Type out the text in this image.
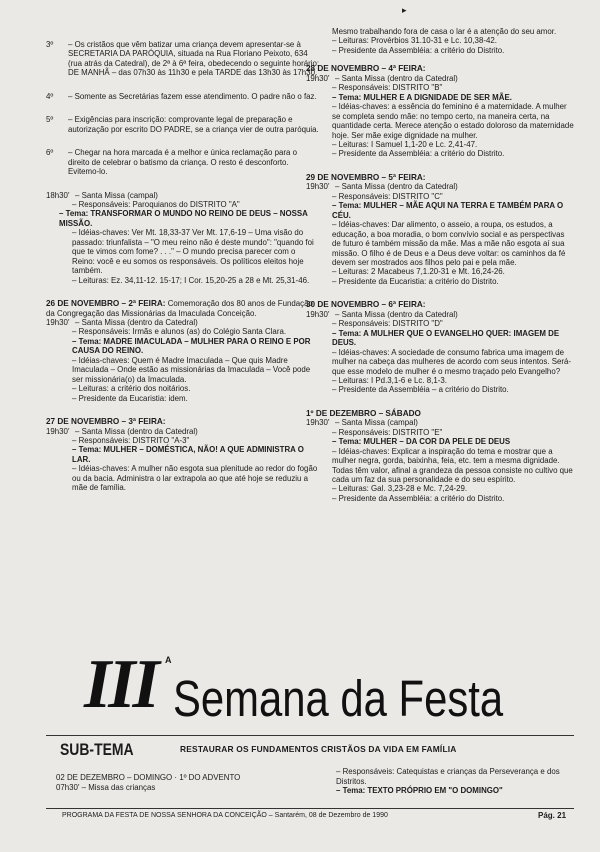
▸
3º	– Os cristãos que vêm batizar uma criança devem apresentar-se à SECRETARIA DA PARÓQUIA, situada na Rua Floriano Peixoto, 634 (rua atrás da Catedral), de 2ª à 6ª feira, obedecendo o seguinte horário: DE MANHÃ – das 07h30 às 11h30 e pela TARDE das 13h30 às 17h30.
4º	– Somente as Secretárias fazem esse atendimento. O padre não o faz.
5º	– Exigências para inscrição: comprovante legal de preparação e autorização por escrito DO PADRE, se a criança vier de outra paróquia.
6º	– Chegar na hora marcada é a melhor e única reclamação para o direito de celebrar o batismo da criança. O resto é desconforto. Evitemo-lo.
18h30' – Santa Missa (campal)
– Responsáveis: Paroquianos do DISTRITO "A"
– Tema: TRANSFORMAR O MUNDO NO REINO DE DEUS – NOSSA MISSÃO.
– Idéias-chaves: Ver Mt. 18,33-37 Ver Mt. 17,6-19 – Uma visão do passado: triunfalista – "O meu reino não é deste mundo": "quando foi que te vimos com fome? . . ." – O mundo precisa parecer com o Reino: você e eu somos os responsáveis. Os políticos eleitos hoje também.
– Leituras: Ez. 34,11-12. 15-17; I Cor. 15,20-25 a 28 e Mt. 25,31-46.
26 DE NOVEMBRO – 2ª FEIRA: Comemoração dos 80 anos de Fundação da Congregação das Missionárias da Imaculada Conceição.
19h30' – Santa Missa (dentro da Catedral)
– Responsáveis: Irmãs e alunos (as) do Colégio Santa Clara.
– Tema: MADRE IMACULADA – MULHER PARA O REINO E POR CAUSA DO REINO.
– Idéias-chaves: Quem é Madre Imaculada – Que quis Madre Imaculada – Onde estão as missionárias da Imaculada – Você pode ser missionária(o) da Imaculada.
– Leituras: a critério dos noitários.
– Presidente da Eucaristia: idem.
27 DE NOVEMBRO – 3ª FEIRA:
19h30' – Santa Missa (dentro da Catedral)
– Responsáveis: DISTRITO "A-3"
– Tema: MULHER – DOMÉSTICA, NÃO! A QUE ADMINISTRA O LAR.
– Idéias-chaves: A mulher não esgota sua plenitude ao redor do fogão ou da bacia. Administra o lar extrapola ao que até hoje se reduziu a mãe de família.
Mesmo trabalhando fora de casa o lar é a atenção do seu amor.
– Leituras: Provérbios 31.10-31 e Lc. 10,38-42.
– Presidente da Assembléia: a critério do Distrito.
28 DE NOVEMBRO – 4ª FEIRA:
19h30' – Santa Missa (dentro da Catedral)
– Responsáveis: DISTRITO "B"
– Tema: MULHER E A DIGNIDADE DE SER MÃE.
– Idéias-chaves: a essência do feminino é a maternidade. A mulher se completa sendo mãe: no tempo certo, na maneira certa, na quantidade certa. Merece atenção o estado doloroso da maternidade hoje. Ser mãe exige dignidade na mulher.
– Leituras: I Samuel 1,1-20 e Lc. 2,41-47.
– Presidente da Assembléia: a critério do Distrito.
29 DE NOVEMBRO – 5ª FEIRA:
19h30' – Santa Missa (dentro da Catedral)
– Responsáveis: DISTRITO "C"
– Tema: MULHER – MÃE AQUI NA TERRA E TAMBÉM PARA O CÉU.
– Idéias-chaves: Dar alimento, o asseio, a roupa, os estudos, a educação, a boa moradia, o bom convívio social e as perspectivas de futuro é também missão da mãe. Mas a mãe não esgota aí sua missão. O filho é de Deus e a Deus deve voltar: os caminhos da fé devem ser mostrados aos filhos pelo pai e pela mãe.
– Leituras: 2 Macabeus 7,1.20-31 e Mt. 16,24-26.
– Presidente da Eucaristia: a critério do Distrito.
30 DE NOVEMBRO – 6ª FEIRA:
19h30' – Santa Missa (dentro da Catedral)
– Responsáveis: DISTRITO "D"
– Tema: A MULHER QUE O EVANGELHO QUER: IMAGEM DE DEUS.
– Idéias-chaves: A sociedade de consumo fabrica uma imagem de mulher na cabeça das mulheres de acordo com seus intentos. Será-que esse modelo de mulher é o mesmo traçado pelo Evangelho?
– Leituras: I Pd.3,1-6 e Lc. 8,1-3.
– Presidente da Assembléia – a critério do Distrito.
1º DE DEZEMBRO – SÁBADO
19h30' – Santa Missa (campal)
– Responsáveis: DISTRITO "E"
– Tema: MULHER – DA COR DA PELE DE DEUS
– Idéias-chaves: Explicar a inspiração do tema e mostrar que a mulher negra, gorda, baixinha, feia, etc. tem a mesma dignidade. Todas têm valor, afinal a grandeza da pessoa consiste no cultivo que cada um faz da sua personalidade e do seu espírito.
– Leituras: Gal. 3,23-28 e Mc. 7,24-29.
– Presidente da Assembléia: a critério do Distrito.
III A
Semana da Festa
SUB-TEMA	RESTAURAR OS FUNDAMENTOS CRISTÃOS DA VIDA EM FAMÍLIA
02 DE DEZEMBRO – DOMINGO · 1º DO ADVENTO
07h30' – Missa das crianças
– Responsáveis: Catequistas e crianças da Perseverança e dos Distritos.
– Tema: TEXTO PRÓPRIO EM "O DOMINGO"
PROGRAMA DA FESTA DE NOSSA SENHORA DA CONCEIÇÃO – Santarém, 08 de Dezembro de 1990	Pág. 21
